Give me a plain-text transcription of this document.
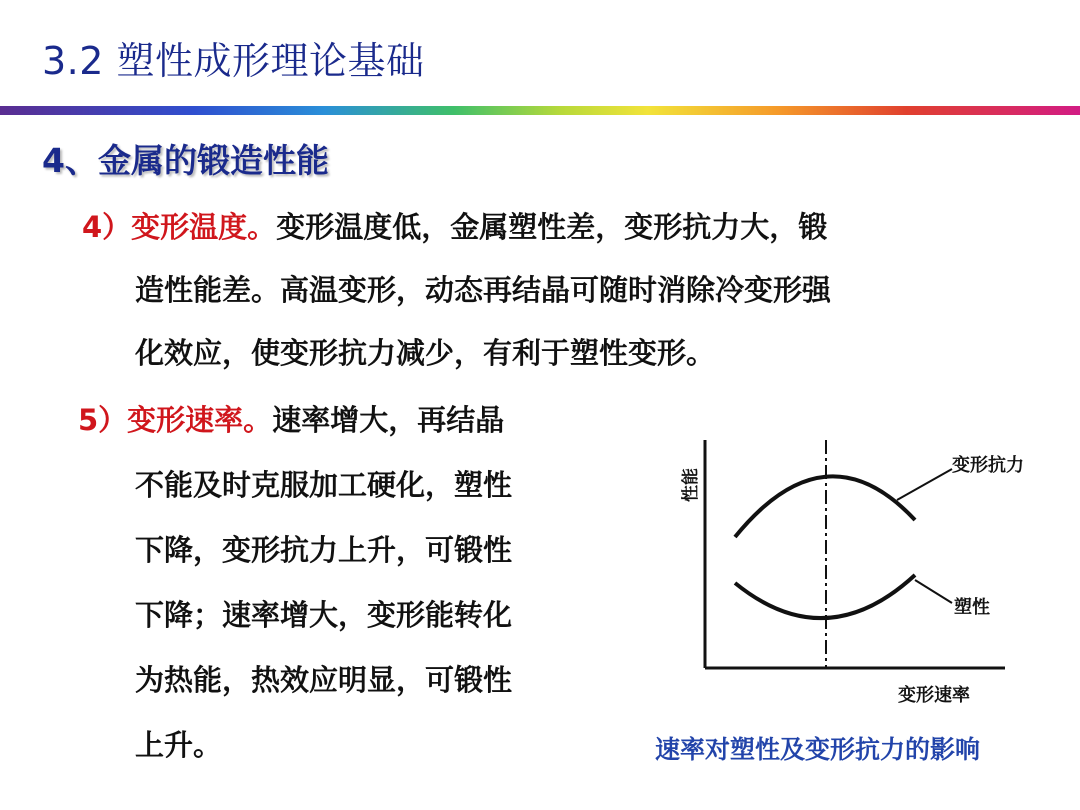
3.2 塑性成形理论基础
4、金属的锻造性能

4）变形温度。变形温度低，金属塑性差，变形抗力大，锻

造性能差。高温变形，动态再结晶可随时消除冷变形强

化效应，使变形抗力减少，有利于塑性变形。

5）变形速率。速率增大，再结晶

不能及时克服加工硬化，塑性

下降，变形抗力上升，可锻性

下降；速率增大，变形能转化

为热能，热效应明显，可锻性

上升。

性能
变形抗力
塑性
变形速率

速率对塑性及变形抗力的影响
